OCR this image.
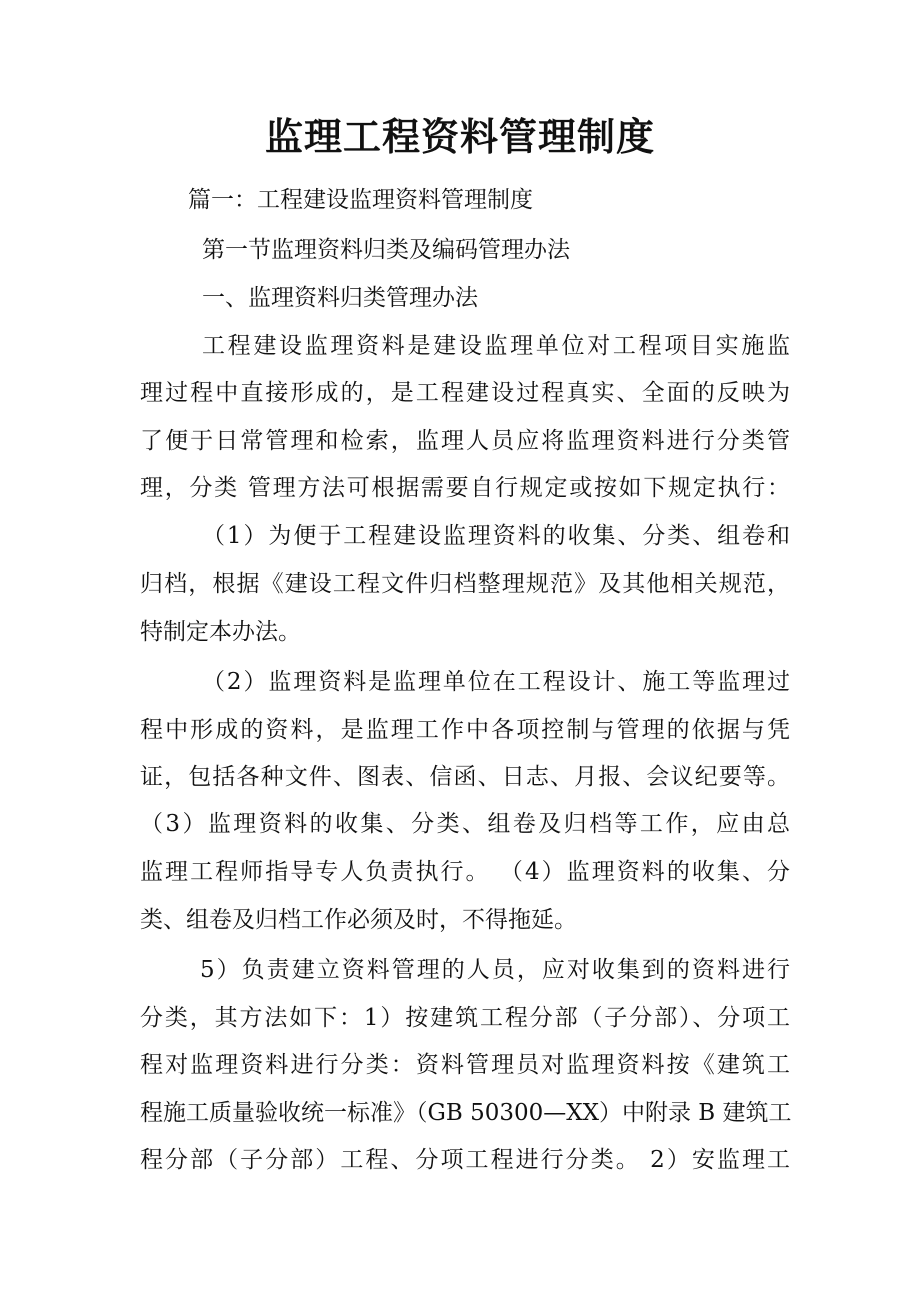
监理工程资料管理制度

篇一：工程建设监理资料管理制度

第一节监理资料归类及编码管理办法

一、监理资料归类管理办法

工程建设监理资料是建设监理单位对工程项目实施监

理过程中直接形成的，是工程建设过程真实、全面的反映为

了便于日常管理和检索，监理人员应将监理资料进行分类管

理，分类 管理方法可根据需要自行规定或按如下规定执行：

（1）为便于工程建设监理资料的收集、分类、组卷和

归档，根据《建设工程文件归档整理规范》及其他相关规范，

特制定本办法。

（2）监理资料是监理单位在工程设计、施工等监理过

程中形成的资料，是监理工作中各项控制与管理的依据与凭

证，包括各种文件、图表、信函、日志、月报、会议纪要等。

（3）监理资料的收集、分类、组卷及归档等工作，应由总

监理工程师指导专人负责执行。 （4）监理资料的收集、分

类、组卷及归档工作必须及时，不得拖延。

5）负责建立资料管理的人员，应对收集到的资料进行

分类，其方法如下：1）按建筑工程分部（子分部）、分项工

程对监理资料进行分类：资料管理员对监理资料按《建筑工

程施工质量验收统一标准》（GB 50300—XX）中附录 B 建筑工

程分部（子分部）工程、分项工程进行分类。 2）安监理工
